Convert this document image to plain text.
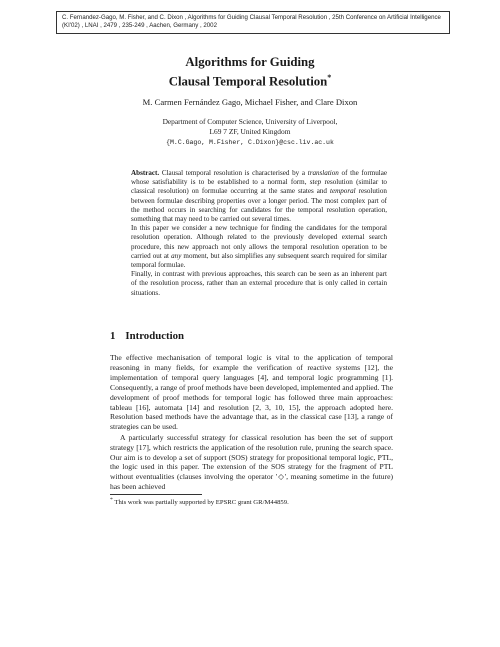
C. Fernandez-Gago, M. Fisher, and C. Dixon , Algorithms for Guiding Clausal Temporal Resolution , 25th Conference on Artificial Intelligence (KI'02) , LNAI , 2479 , 235-249 , Aachen, Germany , 2002
Algorithms for Guiding
Clausal Temporal Resolution*
M. Carmen Fernández Gago, Michael Fisher, and Clare Dixon
Department of Computer Science, University of Liverpool,
L69 7 ZF, United Kingdom
{M.C.Gago, M.Fisher, C.Dixon}@csc.liv.ac.uk

Abstract. Clausal temporal resolution is characterised by a translation of the formulae whose satisfiability is to be established to a normal form, step resolution (similar to classical resolution) on formulae occurring at the same states and temporal resolution between formulae describing properties over a longer period. The most complex part of the method occurs in searching for candidates for the temporal resolution operation, something that may need to be carried out several times.

In this paper we consider a new technique for finding the candidates for the temporal resolution operation. Although related to the previously developed external search procedure, this new approach not only allows the temporal resolution operation to be carried out at any moment, but also simplifies any subsequent search required for similar temporal formulae.

Finally, in contrast with previous approaches, this search can be seen as an inherent part of the resolution process, rather than an external procedure that is only called in certain situations.

1 Introduction

The effective mechanisation of temporal logic is vital to the application of temporal reasoning in many fields, for example the verification of reactive systems [12], the implementation of temporal query languages [4], and temporal logic programming [1]. Consequently, a range of proof methods have been developed, implemented and applied. The development of proof methods for temporal logic has followed three main approaches: tableau [16], automata [14] and resolution [2, 3, 10, 15], the approach adopted here. Resolution based methods have the advantage that, as in the classical case [13], a range of strategies can be used.

A particularly successful strategy for classical resolution has been the set of support strategy [17], which restricts the application of the resolution rule, pruning the search space. Our aim is to develop a set of support (SOS) strategy for propositional temporal logic, PTL, the logic used in this paper. The extension of the SOS strategy for the fragment of PTL without eventualities (clauses involving the operator '◇', meaning sometime in the future) has been achieved

* This work was partially supported by EPSRC grant GR/M44859.
